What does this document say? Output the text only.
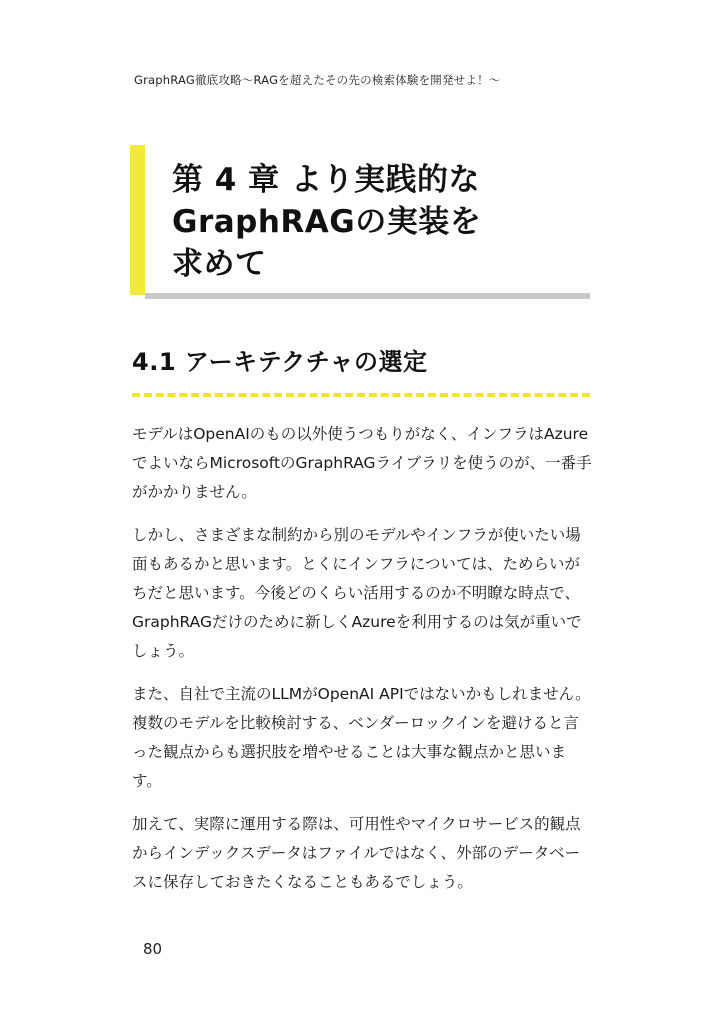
GraphRAG徹底攻略〜RAGを超えたその先の検索体験を開発せよ！〜
第 4 章 より実践的な
GraphRAGの実装を
求めて
4.1 アーキテクチャの選定

モデルはOpenAIのもの以外使うつもりがなく、インフラはAzureでよいならMicrosoftのGraphRAGライブラリを使うのが、一番手がかかりません。

しかし、さまざまな制約から別のモデルやインフラが使いたい場面もあるかと思います。とくにインフラについては、ためらいがちだと思います。今後どのくらい活用するのか不明瞭な時点で、GraphRAGだけのために新しくAzureを利用するのは気が重いでしょう。

また、自社で主流のLLMがOpenAI APIではないかもしれません。複数のモデルを比較検討する、ベンダーロックインを避けると言った観点からも選択肢を増やせることは大事な観点かと思います。

加えて、実際に運用する際は、可用性やマイクロサービス的観点からインデックスデータはファイルではなく、外部のデータベースに保存しておきたくなることもあるでしょう。

80
